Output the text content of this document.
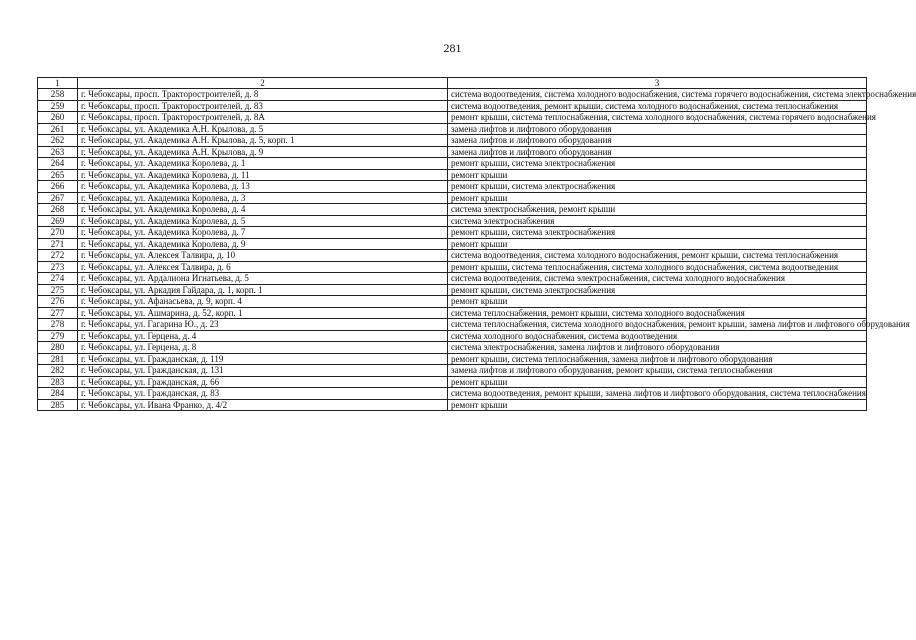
281
1	2	3
258	г. Чебоксары, просп. Тракторостроителей, д. 8	система водоотведения, система холодного водоснабжения, система горячего водоснабжения, система электроснабжения
259	г. Чебоксары, просп. Тракторостроителей, д. 83	система водоотведения, ремонт крыши, система холодного водоснабжения, система теплоснабжения
260	г. Чебоксары, просп. Тракторостроителей, д. 8А	ремонт крыши, система теплоснабжения, система холодного водоснабжения, система горячего водоснабжения
261	г. Чебоксары, ул. Академика А.Н. Крылова, д. 5	замена лифтов и лифтового оборудования
262	г. Чебоксары, ул. Академика А.Н. Крылова, д. 5, корп. 1	замена лифтов и лифтового оборудования
263	г. Чебоксары, ул. Академика А.Н. Крылова, д. 9	замена лифтов и лифтового оборудования
264	г. Чебоксары, ул. Академика Королева, д. 1	ремонт крыши, система электроснабжения
265	г. Чебоксары, ул. Академика Королева, д. 11	ремонт крыши
266	г. Чебоксары, ул. Академика Королева, д. 13	ремонт крыши, система электроснабжения
267	г. Чебоксары, ул. Академика Королева, д. 3	ремонт крыши
268	г. Чебоксары, ул. Академика Королева, д. 4	система электроснабжения, ремонт крыши
269	г. Чебоксары, ул. Академика Королева, д. 5	система электроснабжения
270	г. Чебоксары, ул. Академика Королева, д. 7	ремонт крыши, система электроснабжения
271	г. Чебоксары, ул. Академика Королева, д. 9	ремонт крыши
272	г. Чебоксары, ул. Алексея Талвира, д. 10	система водоотведения, система холодного водоснабжения, ремонт крыши, система теплоснабжения
273	г. Чебоксары, ул. Алексея Талвира, д. 6	ремонт крыши, система теплоснабжения, система холодного водоснабжения, система водоотведения
274	г. Чебоксары, ул. Ардалиона Игнатьева, д. 5	система водоотведения, система электроснабжения, система холодного водоснабжения
275	г. Чебоксары, ул. Аркадия Гайдара, д. 1, корп. 1	ремонт крыши, система электроснабжения
276	г. Чебоксары, ул. Афанасьева, д. 9, корп. 4	ремонт крыши
277	г. Чебоксары, ул. Ашмарина, д. 52, корп. 1	система теплоснабжения, ремонт крыши, система холодного водоснабжения
278	г. Чебоксары, ул. Гагарина Ю., д. 23	система теплоснабжения, система холодного водоснабжения, ремонт крыши, замена лифтов и лифтового оборудования
279	г. Чебоксары, ул. Герцена, д. 4	система холодного водоснабжения, система водоотведения
280	г. Чебоксары, ул. Герцена, д. 8	система электроснабжения, замена лифтов и лифтового оборудования
281	г. Чебоксары, ул. Гражданская, д. 119	ремонт крыши, система теплоснабжения, замена лифтов и лифтового оборудования
282	г. Чебоксары, ул. Гражданская, д. 131	замена лифтов и лифтового оборудования, ремонт крыши, система теплоснабжения
283	г. Чебоксары, ул. Гражданская, д. 66	ремонт крыши
284	г. Чебоксары, ул. Гражданская, д. 83	система водоотведения, ремонт крыши, замена лифтов и лифтового оборудования, система теплоснабжения
285	г. Чебоксары, ул. Ивана Франко, д. 4/2	ремонт крыши
